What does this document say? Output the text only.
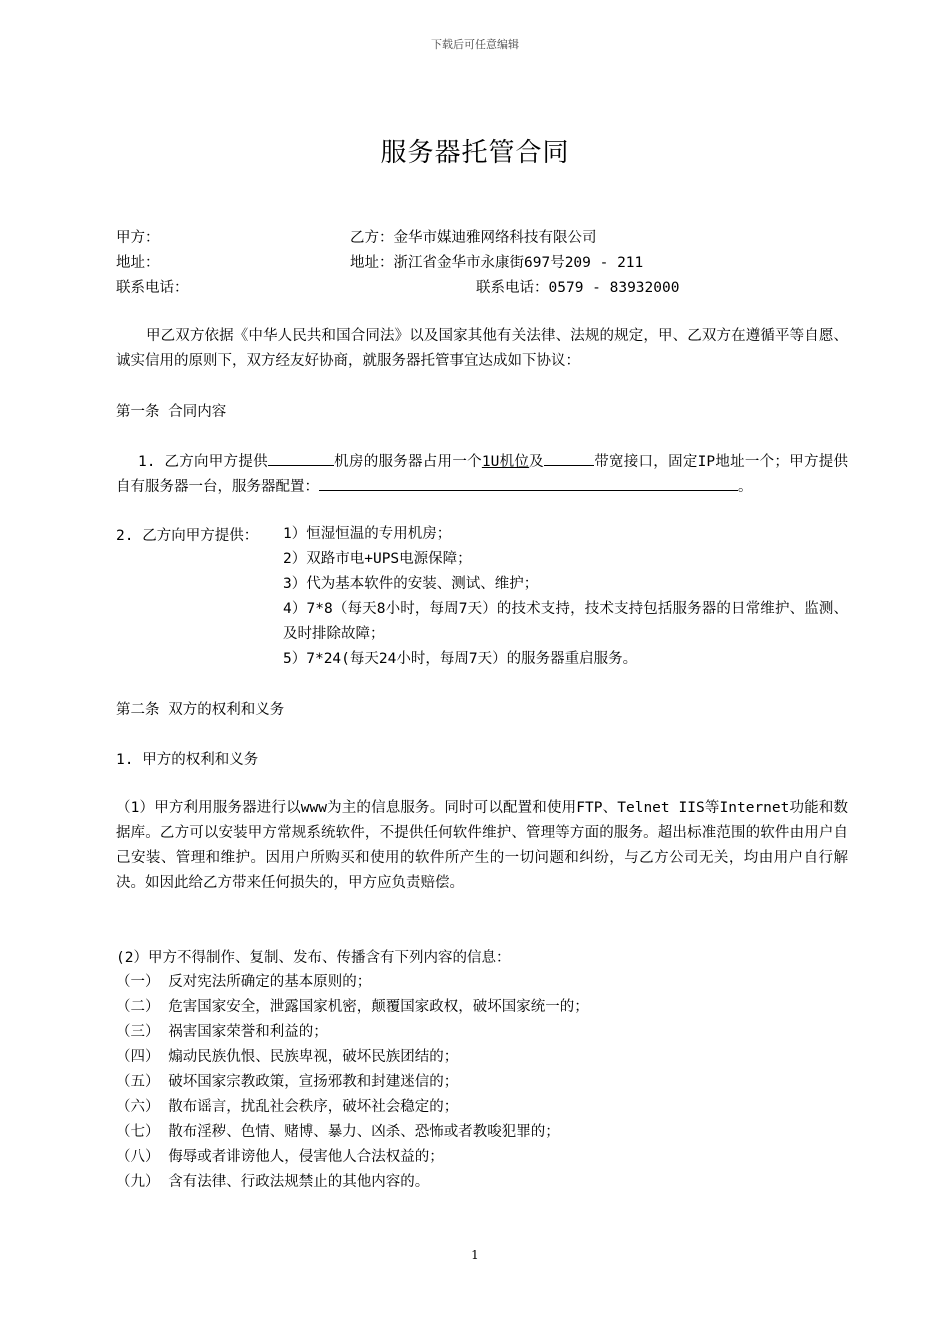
下载后可任意编辑
服务器托管合同
甲方：	乙方：金华市媒迪雅网络科技有限公司
地址：	地址：浙江省金华市永康街697号209 - 211
联系电话：	联系电话：0579 - 83932000
甲乙双方依据《中华人民共和国合同法》以及国家其他有关法律、法规的规定，甲、乙双方在遵循平等自愿、诚实信用的原则下，双方经友好协商，就服务器托管事宜达成如下协议：
第一条 合同内容
1. 乙方向甲方提供	机房的服务器占用一个1U机位及	带宽接口，固定IP地址一个；甲方提供自有服务器一台，服务器配置：	。
2. 乙方向甲方提供： 1）恒湿恒温的专用机房；
2）双路市电+UPS电源保障；
3）代为基本软件的安装、测试、维护；
4）7*8（每天8小时，每周7天）的技术支持，技术支持包括服务器的日常维护、监测、及时排除故障；
5）7*24(每天24小时，每周7天）的服务器重启服务。
第二条 双方的权利和义务
1. 甲方的权利和义务
（1）甲方利用服务器进行以www为主的信息服务。同时可以配置和使用FTP、Telnet IIS等Internet功能和数据库。乙方可以安装甲方常规系统软件，不提供任何软件维护、管理等方面的服务。超出标准范围的软件由用户自己安装、管理和维护。因用户所购买和使用的软件所产生的一切问题和纠纷，与乙方公司无关，均由用户自行解决。如因此给乙方带来任何损失的，甲方应负责赔偿。
(2）甲方不得制作、复制、发布、传播含有下列内容的信息：
（一） 反对宪法所确定的基本原则的；
（二） 危害国家安全，泄露国家机密，颠覆国家政权，破坏国家统一的；
（三） 祸害国家荣誉和利益的；
（四） 煽动民族仇恨、民族卑视，破坏民族团结的；
（五） 破坏国家宗教政策，宣扬邪教和封建迷信的；
（六） 散布谣言，扰乱社会秩序，破坏社会稳定的；
（七） 散布淫秽、色情、赌博、暴力、凶杀、恐怖或者教唆犯罪的；
（八） 侮辱或者诽谤他人，侵害他人合法权益的；
（九） 含有法律、行政法规禁止的其他内容的。
1
